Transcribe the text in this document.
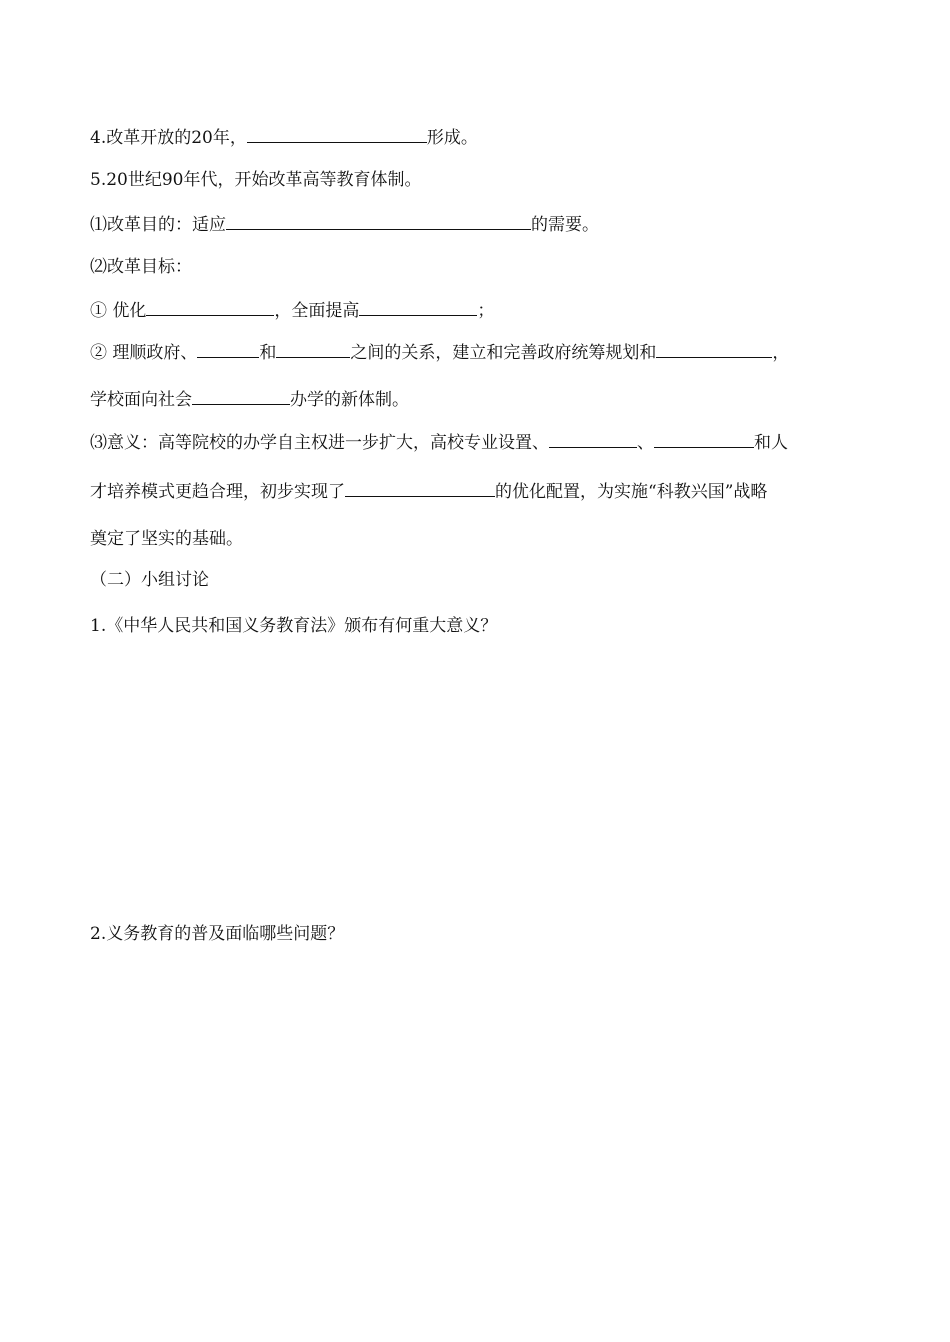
4.改革开放的20年，	形成。
5.20世纪90年代，开始改革高等教育体制。
⑴改革目的：适应	的需要。
⑵改革目标：
① 优化	，全面提高	；
② 理顺政府、	和	之间的关系，建立和完善政府统筹规划和	，
学校面向社会	办学的新体制。
⑶意义：高等院校的办学自主权进一步扩大，高校专业设置、	、	和人
才培养模式更趋合理，初步实现了	的优化配置，为实施“科教兴国”战略
奠定了坚实的基础。
（二）小组讨论
1.《中华人民共和国义务教育法》颁布有何重大意义？
2.义务教育的普及面临哪些问题？
